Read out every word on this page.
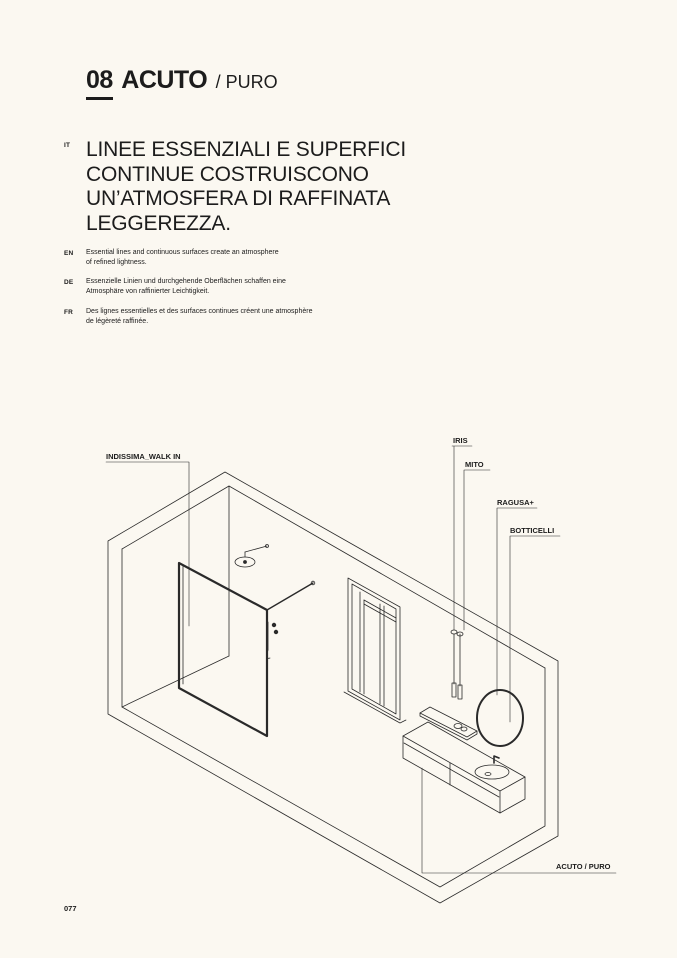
08 ACUTO / PURO
IT LINEE ESSENZIALI E SUPERFICI
CONTINUE COSTRUISCONO
UN’ATMOSFERA DI RAFFINATA
LEGGEREZZA.
EN Essential lines and continuous surfaces create an atmosphere
of refined lightness.

DE Essenzielle Linien und durchgehende Oberflächen schaffen eine
Atmosphäre von raffinierter Leichtigkeit.

FR Des lignes essentielles et des surfaces continues créent une atmosphère
de légèreté raffinée.

INDISSIMA_WALK IN
IRIS
MITO
RAGUSA+
BOTTICELLI
ACUTO / PURO
077
